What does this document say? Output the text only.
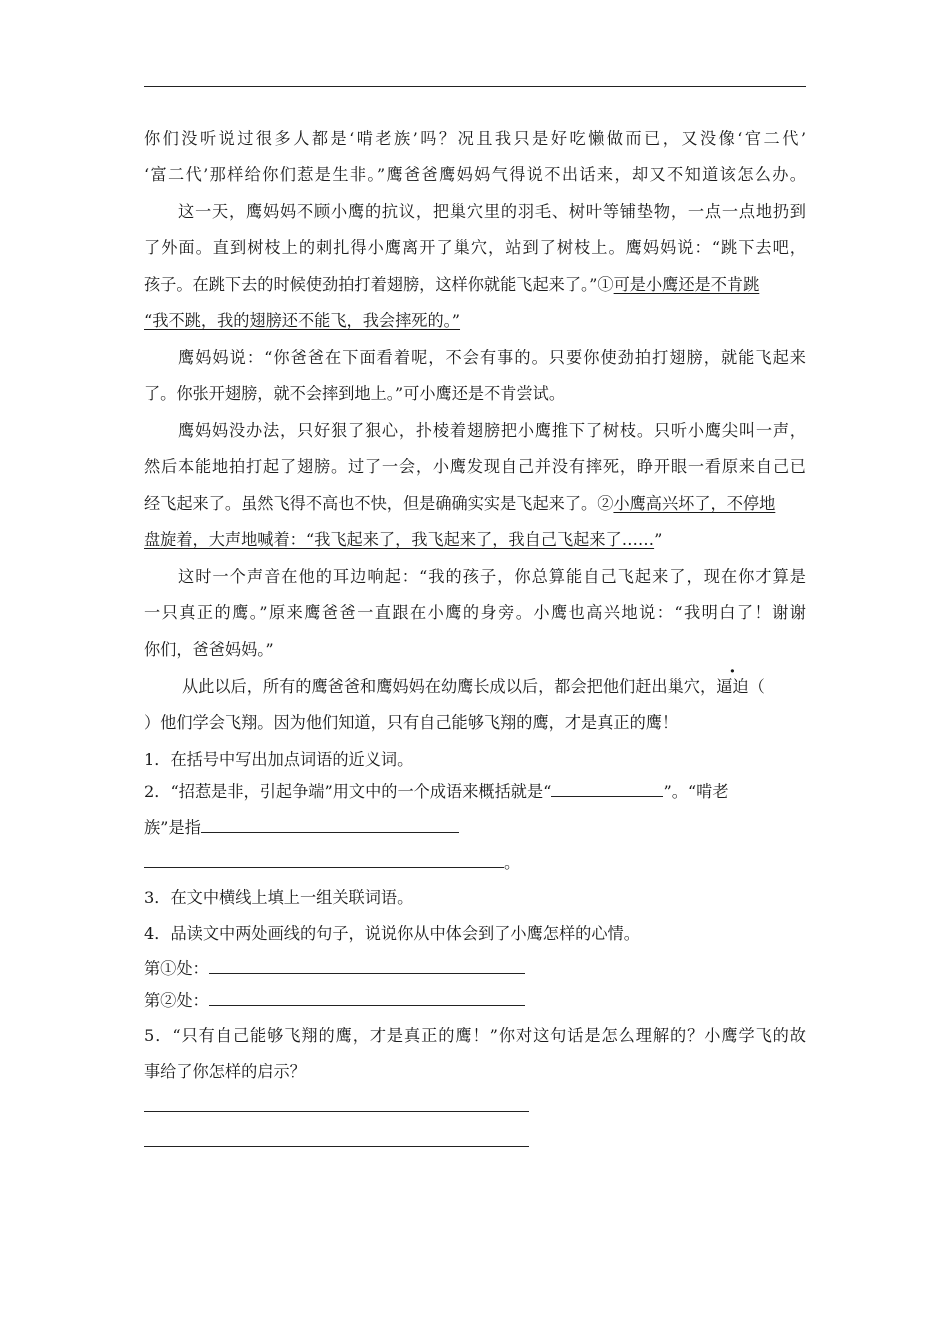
你们没听说过很多人都是‘啃老族’吗？况且我只是好吃懒做而已，又没像‘官二代’
‘富二代’那样给你们惹是生非。”鹰爸爸鹰妈妈气得说不出话来，却又不知道该怎么办。
这一天，鹰妈妈不顾小鹰的抗议，把巢穴里的羽毛、树叶等铺垫物，一点一点地扔到
了外面。直到树枝上的刺扎得小鹰离开了巢穴，站到了树枝上。鹰妈妈说：“跳下去吧，
孩子。在跳下去的时候使劲拍打着翅膀，这样你就能飞起来了。”①可是小鹰还是不肯跳
“我不跳，我的翅膀还不能飞，我会摔死的。”
鹰妈妈说：“你爸爸在下面看着呢，不会有事的。只要你使劲拍打翅膀，就能飞起来
了。你张开翅膀，就不会摔到地上。”可小鹰还是不肯尝试。
鹰妈妈没办法，只好狠了狠心，扑棱着翅膀把小鹰推下了树枝。只听小鹰尖叫一声，
然后本能地拍打起了翅膀。过了一会，小鹰发现自己并没有摔死，睁开眼一看原来自己已
经飞起来了。虽然飞得不高也不快，但是确确实实是飞起来了。②小鹰高兴坏了，不停地
盘旋着，大声地喊着：“我飞起来了，我飞起来了，我自己飞起来了……”
这时一个声音在他的耳边响起：“我的孩子，你总算能自己飞起来了，现在你才算是
一只真正的鹰。”原来鹰爸爸一直跟在小鹰的身旁。小鹰也高兴地说：“我明白了！谢谢
你们，爸爸妈妈。”
从此以后，所有的鹰爸爸和鹰妈妈在幼鹰长成以后，都会把他们赶出巢穴，逼迫（
）他们学会飞翔。因为他们知道，只有自己能够飞翔的鹰，才是真正的鹰！
1．在括号中写出加点词语的近义词。
2．“招惹是非，引起争端”用文中的一个成语来概括就是“	”。“啃老
族”是指
。
3．在文中横线上填上一组关联词语。
4．品读文中两处画线的句子，说说你从中体会到了小鹰怎样的心情。
第①处：
第②处：
5．“只有自己能够飞翔的鹰，才是真正的鹰！”你对这句话是怎么理解的？小鹰学飞的故
事给了你怎样的启示？
